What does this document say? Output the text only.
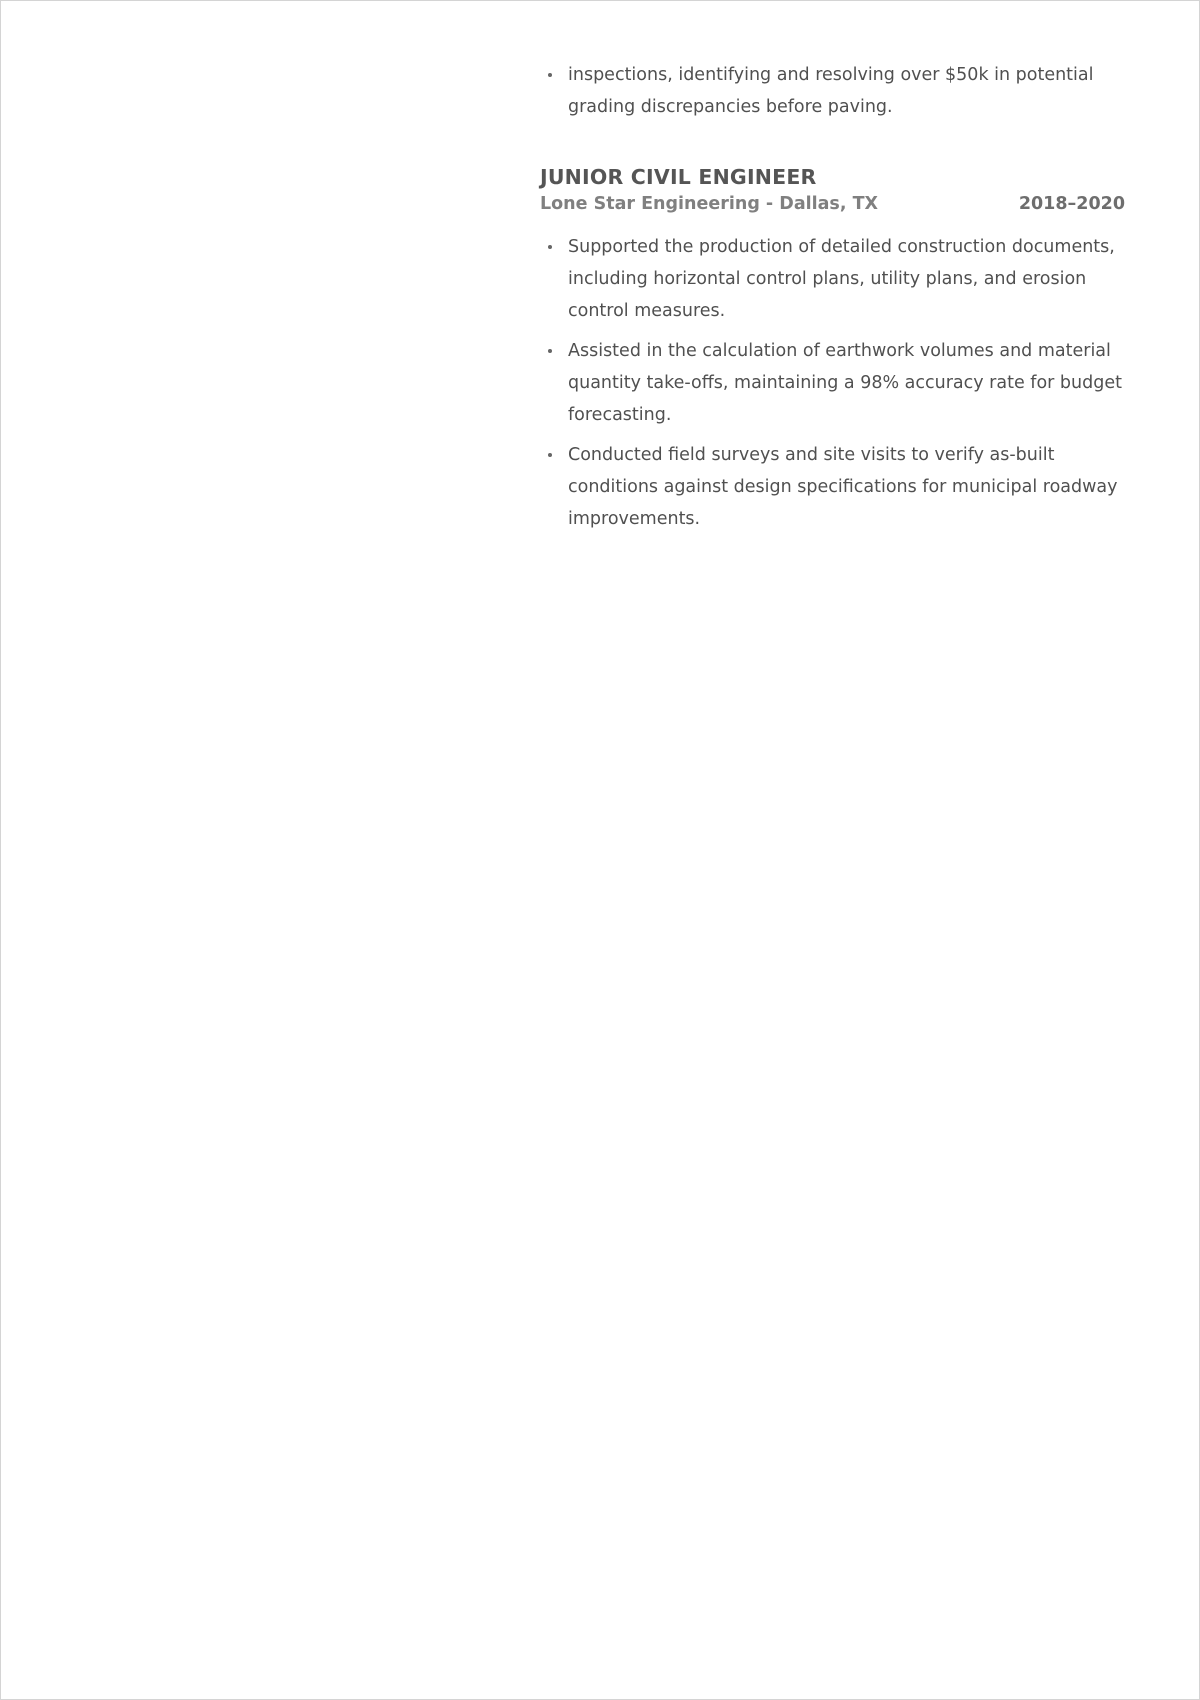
inspections, identifying and resolving over $50k in potential grading discrepancies before paving.
JUNIOR CIVIL ENGINEER
Lone Star Engineering - Dallas, TX	2018–2020
Supported the production of detailed construction documents, including horizontal control plans, utility plans, and erosion control measures.
Assisted in the calculation of earthwork volumes and material quantity take-offs, maintaining a 98% accuracy rate for budget forecasting.
Conducted field surveys and site visits to verify as-built conditions against design specifications for municipal roadway improvements.
